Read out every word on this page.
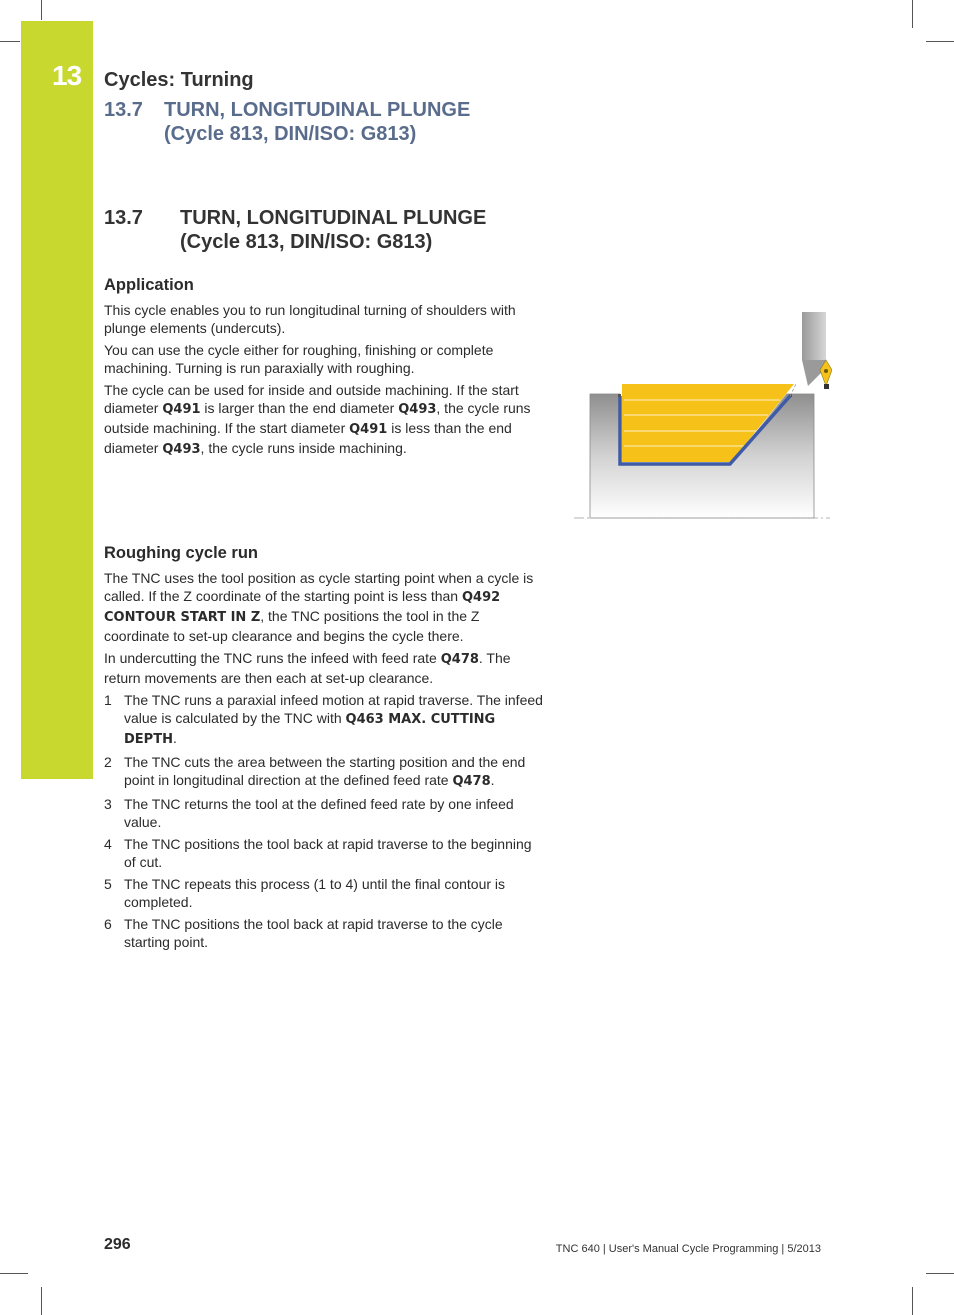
13 Cycles: Turning
13.7	TURN, LONGITUDINAL PLUNGE
(Cycle 813, DIN/ISO: G813)
13.7	TURN, LONGITUDINAL PLUNGE
(Cycle 813, DIN/ISO: G813)
Application

This cycle enables you to run longitudinal turning of shoulders with plunge elements (undercuts).

You can use the cycle either for roughing, finishing or complete machining. Turning is run paraxially with roughing.

The cycle can be used for inside and outside machining. If the start diameter Q491 is larger than the end diameter Q493, the cycle runs outside machining. If the start diameter Q491 is less than the end diameter Q493, the cycle runs inside machining.

Roughing cycle run

The TNC uses the tool position as cycle starting point when a cycle is called. If the Z coordinate of the starting point is less than Q492 CONTOUR START IN Z, the TNC positions the tool in the Z coordinate to set-up clearance and begins the cycle there.

In undercutting the TNC runs the infeed with feed rate Q478. The return movements are then each at set-up clearance.

1 The TNC runs a paraxial infeed motion at rapid traverse. The infeed value is calculated by the TNC with Q463 MAX. CUTTING DEPTH.
2 The TNC cuts the area between the starting position and the end point in longitudinal direction at the defined feed rate Q478.
3 The TNC returns the tool at the defined feed rate by one infeed value.
4 The TNC positions the tool back at rapid traverse to the beginning of cut.
5 The TNC repeats this process (1 to 4) until the final contour is completed.
6 The TNC positions the tool back at rapid traverse to the cycle starting point.
296	TNC 640 | User's Manual Cycle Programming | 5/2013
